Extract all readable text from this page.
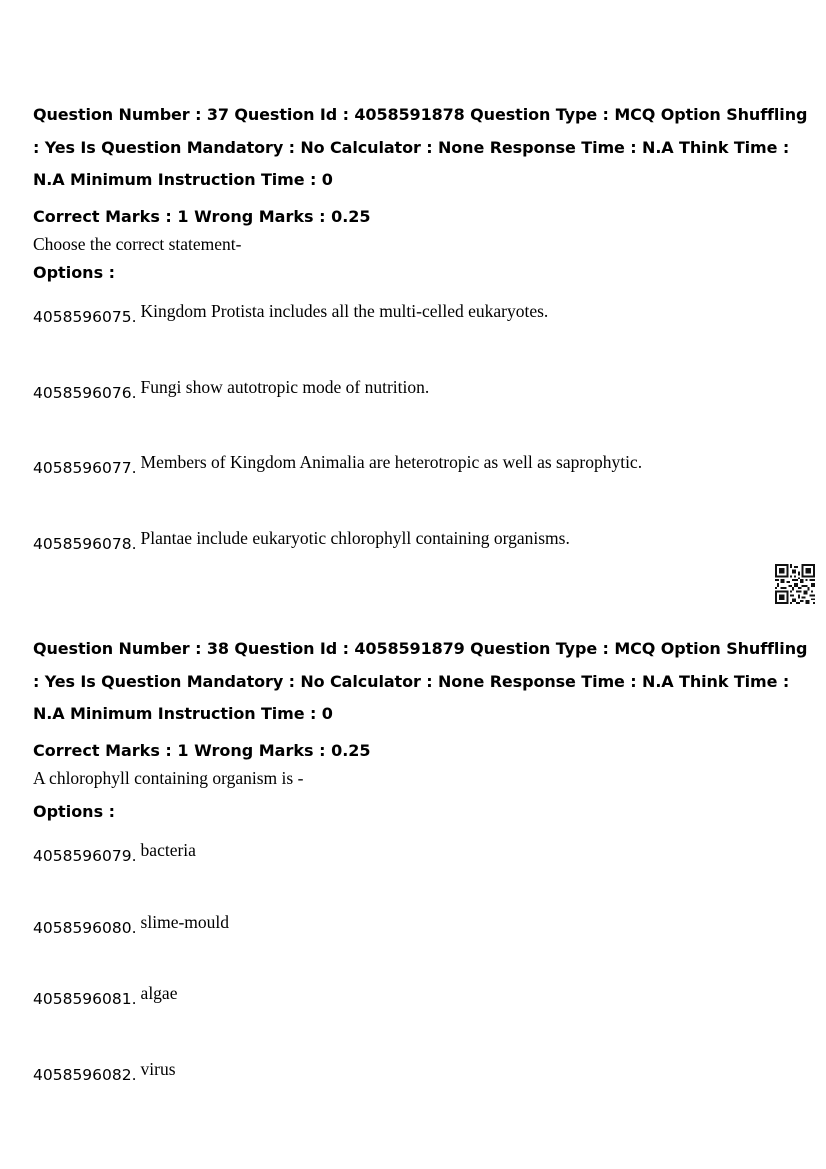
Question Number : 37 Question Id : 4058591878 Question Type : MCQ Option Shuffling : Yes Is Question Mandatory : No Calculator : None Response Time : N.A Think Time : N.A Minimum Instruction Time : 0

Correct Marks : 1 Wrong Marks : 0.25
Choose the correct statement-
Options :
4058596075. Kingdom Protista includes all the multi-celled eukaryotes.
4058596076. Fungi show autotropic mode of nutrition.
4058596077. Members of Kingdom Animalia are heterotropic as well as saprophytic.
4058596078. Plantae include eukaryotic chlorophyll containing organisms.

Question Number : 38 Question Id : 4058591879 Question Type : MCQ Option Shuffling : Yes Is Question Mandatory : No Calculator : None Response Time : N.A Think Time : N.A Minimum Instruction Time : 0

Correct Marks : 1 Wrong Marks : 0.25
A chlorophyll containing organism is -
Options :
4058596079. bacteria
4058596080. slime-mould
4058596081. algae
4058596082. virus
